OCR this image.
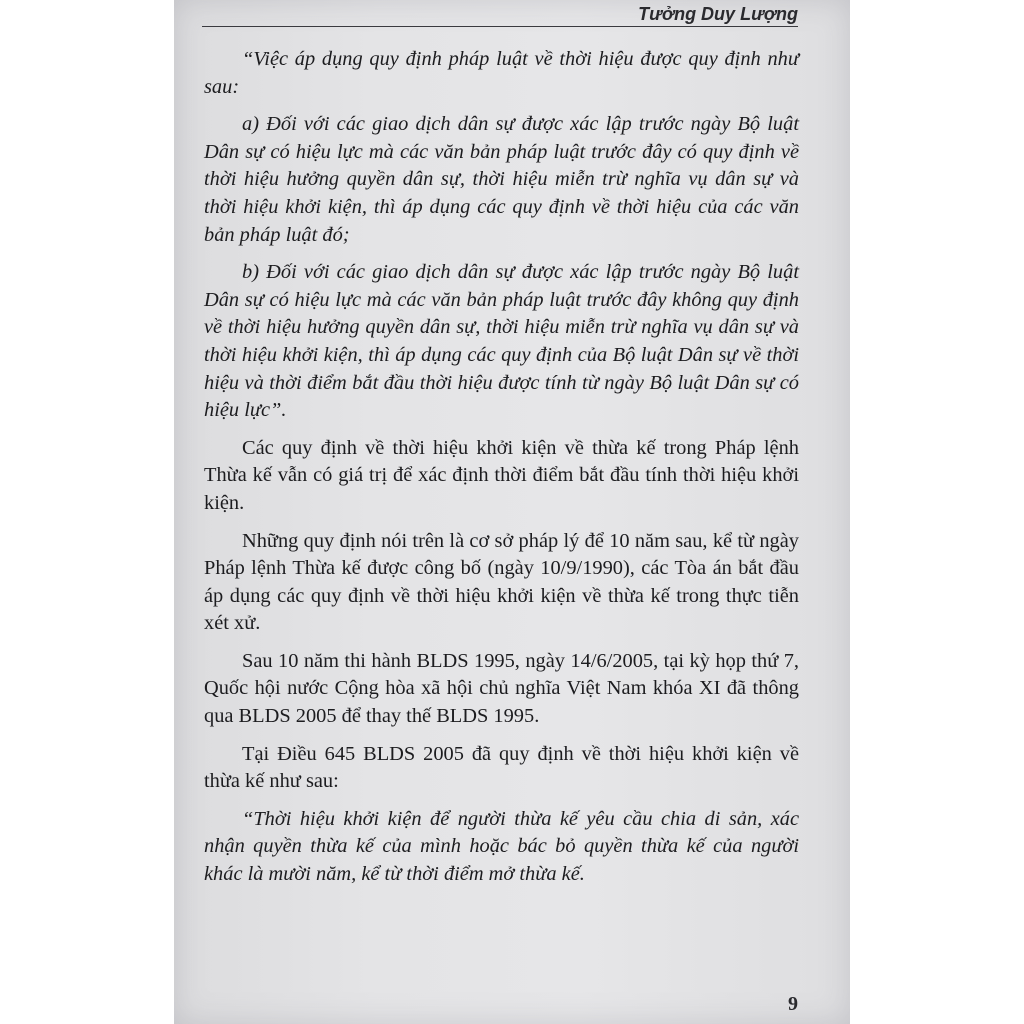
Tưởng Duy Lượng

“Việc áp dụng quy định pháp luật về thời hiệu được quy định như sau:

a) Đối với các giao dịch dân sự được xác lập trước ngày Bộ luật Dân sự có hiệu lực mà các văn bản pháp luật trước đây có quy định về thời hiệu hưởng quyền dân sự, thời hiệu miễn trừ nghĩa vụ dân sự và thời hiệu khởi kiện, thì áp dụng các quy định về thời hiệu của các văn bản pháp luật đó;

b) Đối với các giao dịch dân sự được xác lập trước ngày Bộ luật Dân sự có hiệu lực mà các văn bản pháp luật trước đây không quy định về thời hiệu hưởng quyền dân sự, thời hiệu miễn trừ nghĩa vụ dân sự và thời hiệu khởi kiện, thì áp dụng các quy định của Bộ luật Dân sự về thời hiệu và thời điểm bắt đầu thời hiệu được tính từ ngày Bộ luật Dân sự có hiệu lực”.

Các quy định về thời hiệu khởi kiện về thừa kế trong Pháp lệnh Thừa kế vẫn có giá trị để xác định thời điểm bắt đầu tính thời hiệu khởi kiện.

Những quy định nói trên là cơ sở pháp lý để 10 năm sau, kể từ ngày Pháp lệnh Thừa kế được công bố (ngày 10/9/1990), các Tòa án bắt đầu áp dụng các quy định về thời hiệu khởi kiện về thừa kế trong thực tiễn xét xử.

Sau 10 năm thi hành BLDS 1995, ngày 14/6/2005, tại kỳ họp thứ 7, Quốc hội nước Cộng hòa xã hội chủ nghĩa Việt Nam khóa XI đã thông qua BLDS 2005 để thay thế BLDS 1995.

Tại Điều 645 BLDS 2005 đã quy định về thời hiệu khởi kiện về thừa kế như sau:

“Thời hiệu khởi kiện để người thừa kế yêu cầu chia di sản, xác nhận quyền thừa kế của mình hoặc bác bỏ quyền thừa kế của người khác là mười năm, kể từ thời điểm mở thừa kế.

9
